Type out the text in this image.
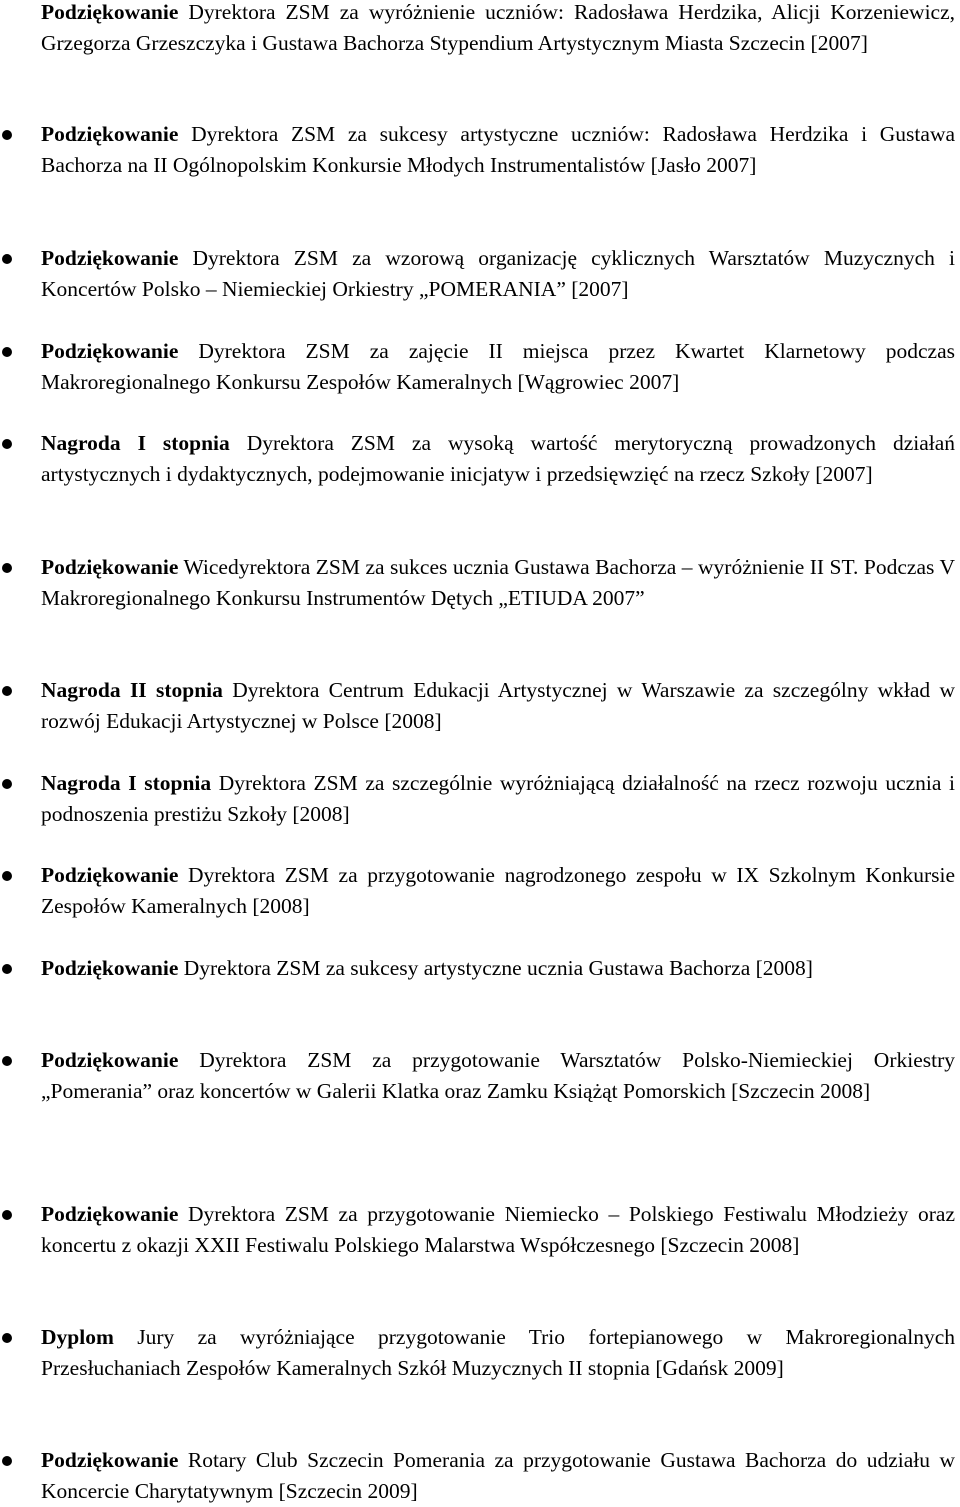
Podziękowanie Dyrektora ZSM za wyróżnienie uczniów: Radosława Herdzika, Alicji Korzeniewicz, Grzegorza Grzeszczyka i Gustawa Bachorza Stypendium Artystycznym Miasta Szczecin [2007]
Podziękowanie Dyrektora ZSM za sukcesy artystyczne uczniów: Radosława Herdzika i Gustawa Bachorza na II Ogólnopolskim Konkursie Młodych Instrumentalistów [Jasło 2007]
Podziękowanie Dyrektora ZSM za wzorową organizację cyklicznych Warsztatów Muzycznych i Koncertów Polsko – Niemieckiej Orkiestry „POMERANIA” [2007]
Podziękowanie Dyrektora ZSM za zajęcie II miejsca przez Kwartet Klarnetowy podczas Makroregionalnego Konkursu Zespołów Kameralnych [Wągrowiec 2007]
Nagroda I stopnia Dyrektora ZSM za wysoką wartość merytoryczną prowadzonych działań artystycznych i dydaktycznych, podejmowanie inicjatyw i przedsięwzięć na rzecz Szkoły [2007]
Podziękowanie Wicedyrektora ZSM za sukces ucznia Gustawa Bachorza – wyróżnienie II ST. Podczas V Makroregionalnego Konkursu Instrumentów Dętych „ETIUDA 2007”
Nagroda II stopnia Dyrektora Centrum Edukacji Artystycznej w Warszawie za szczególny wkład w rozwój Edukacji Artystycznej w Polsce [2008]
Nagroda I stopnia Dyrektora ZSM za szczególnie wyróżniającą działalność na rzecz rozwoju ucznia i podnoszenia prestiżu Szkoły [2008]
Podziękowanie Dyrektora ZSM za przygotowanie nagrodzonego zespołu w IX Szkolnym Konkursie Zespołów Kameralnych [2008]
Podziękowanie Dyrektora ZSM za sukcesy artystyczne ucznia Gustawa Bachorza [2008]
Podziękowanie Dyrektora ZSM za przygotowanie Warsztatów Polsko-Niemieckiej Orkiestry „Pomerania” oraz koncertów w Galerii Klatka oraz Zamku Książąt Pomorskich [Szczecin 2008]
Podziękowanie Dyrektora ZSM za przygotowanie Niemiecko – Polskiego Festiwalu Młodzieży oraz koncertu z okazji XXII Festiwalu Polskiego Malarstwa Współczesnego [Szczecin 2008]
Dyplom Jury za wyróżniające przygotowanie Trio fortepianowego w Makroregionalnych Przesłuchaniach Zespołów Kameralnych Szkół Muzycznych II stopnia [Gdańsk 2009]
Podziękowanie Rotary Club Szczecin Pomerania za przygotowanie Gustawa Bachorza do udziału w Koncercie Charytatywnym [Szczecin 2009]
